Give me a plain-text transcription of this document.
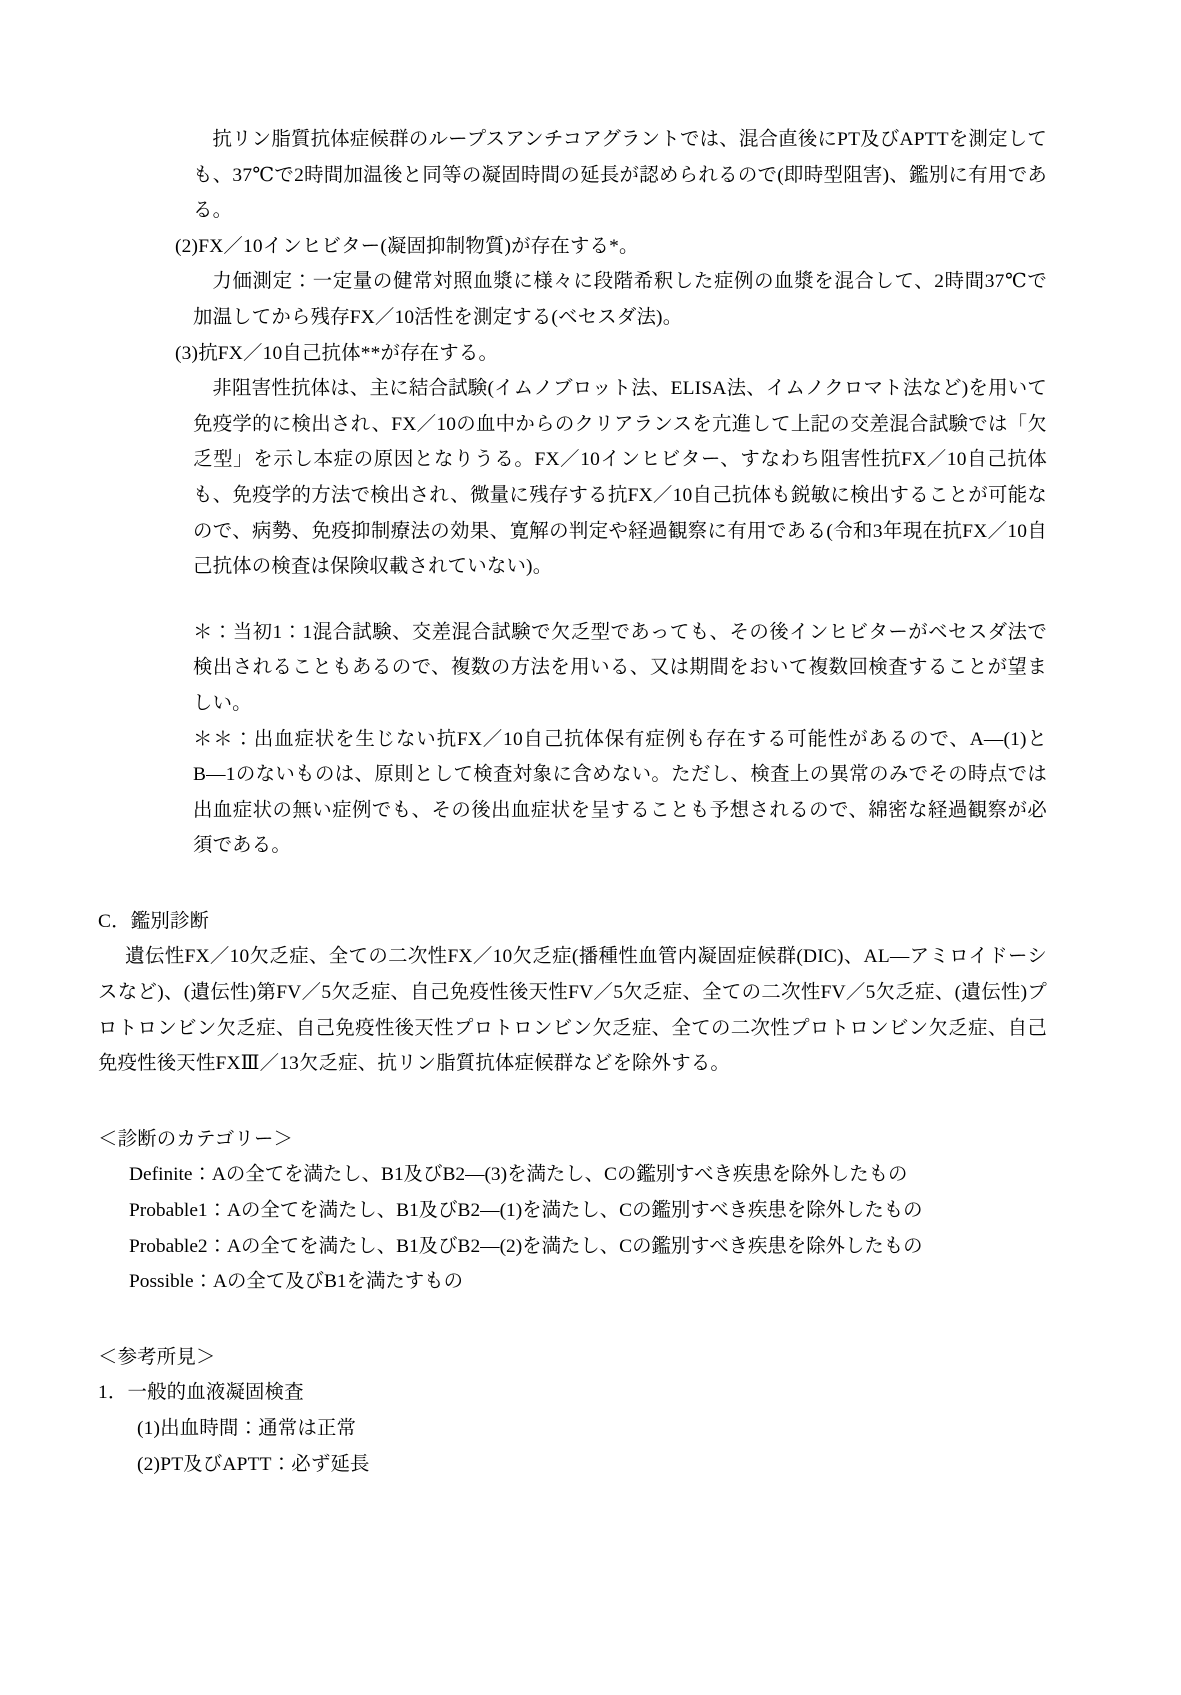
抗リン脂質抗体症候群のループスアンチコアグラントでは、混合直後にPT及びAPTTを測定しても、37℃で2時間加温後と同等の凝固時間の延長が認められるので(即時型阻害)、鑑別に有用である。

(2)FX／10インヒビター(凝固抑制物質)が存在する*。

力価測定：一定量の健常対照血漿に様々に段階希釈した症例の血漿を混合して、2時間37℃で加温してから残存FX／10活性を測定する(ベセスダ法)。

(3)抗FX／10自己抗体**が存在する。

非阻害性抗体は、主に結合試験(イムノブロット法、ELISA法、イムノクロマト法など)を用いて免疫学的に検出され、FX／10の血中からのクリアランスを亢進して上記の交差混合試験では「欠乏型」を示し本症の原因となりうる。FX／10インヒビター、すなわち阻害性抗FX／10自己抗体も、免疫学的方法で検出され、微量に残存する抗FX／10自己抗体も鋭敏に検出することが可能なので、病勢、免疫抑制療法の効果、寛解の判定や経過観察に有用である(令和3年現在抗FX／10自己抗体の検査は保険収載されていない)。

＊：当初1：1混合試験、交差混合試験で欠乏型であっても、その後インヒビターがベセスダ法で検出されることもあるので、複数の方法を用いる、又は期間をおいて複数回検査することが望ましい。

＊＊：出血症状を生じない抗FX／10自己抗体保有症例も存在する可能性があるので、A―(1)とB―1のないものは、原則として検査対象に含めない。ただし、検査上の異常のみでその時点では出血症状の無い症例でも、その後出血症状を呈することも予想されるので、綿密な経過観察が必須である。

C．鑑別診断

遺伝性FX／10欠乏症、全ての二次性FX／10欠乏症(播種性血管内凝固症候群(DIC)、AL―アミロイドーシスなど)、(遺伝性)第FV／5欠乏症、自己免疫性後天性FV／5欠乏症、全ての二次性FV／5欠乏症、(遺伝性)プロトロンビン欠乏症、自己免疫性後天性プロトロンビン欠乏症、全ての二次性プロトロンビン欠乏症、自己免疫性後天性FXⅢ／13欠乏症、抗リン脂質抗体症候群などを除外する。

＜診断のカテゴリー＞

Definite：Aの全てを満たし、B1及びB2―(3)を満たし、Cの鑑別すべき疾患を除外したもの

Probable1：Aの全てを満たし、B1及びB2―(1)を満たし、Cの鑑別すべき疾患を除外したもの

Probable2：Aの全てを満たし、B1及びB2―(2)を満たし、Cの鑑別すべき疾患を除外したもの

Possible：Aの全て及びB1を満たすもの

＜参考所見＞

1．一般的血液凝固検査

(1)出血時間：通常は正常

(2)PT及びAPTT：必ず延長
